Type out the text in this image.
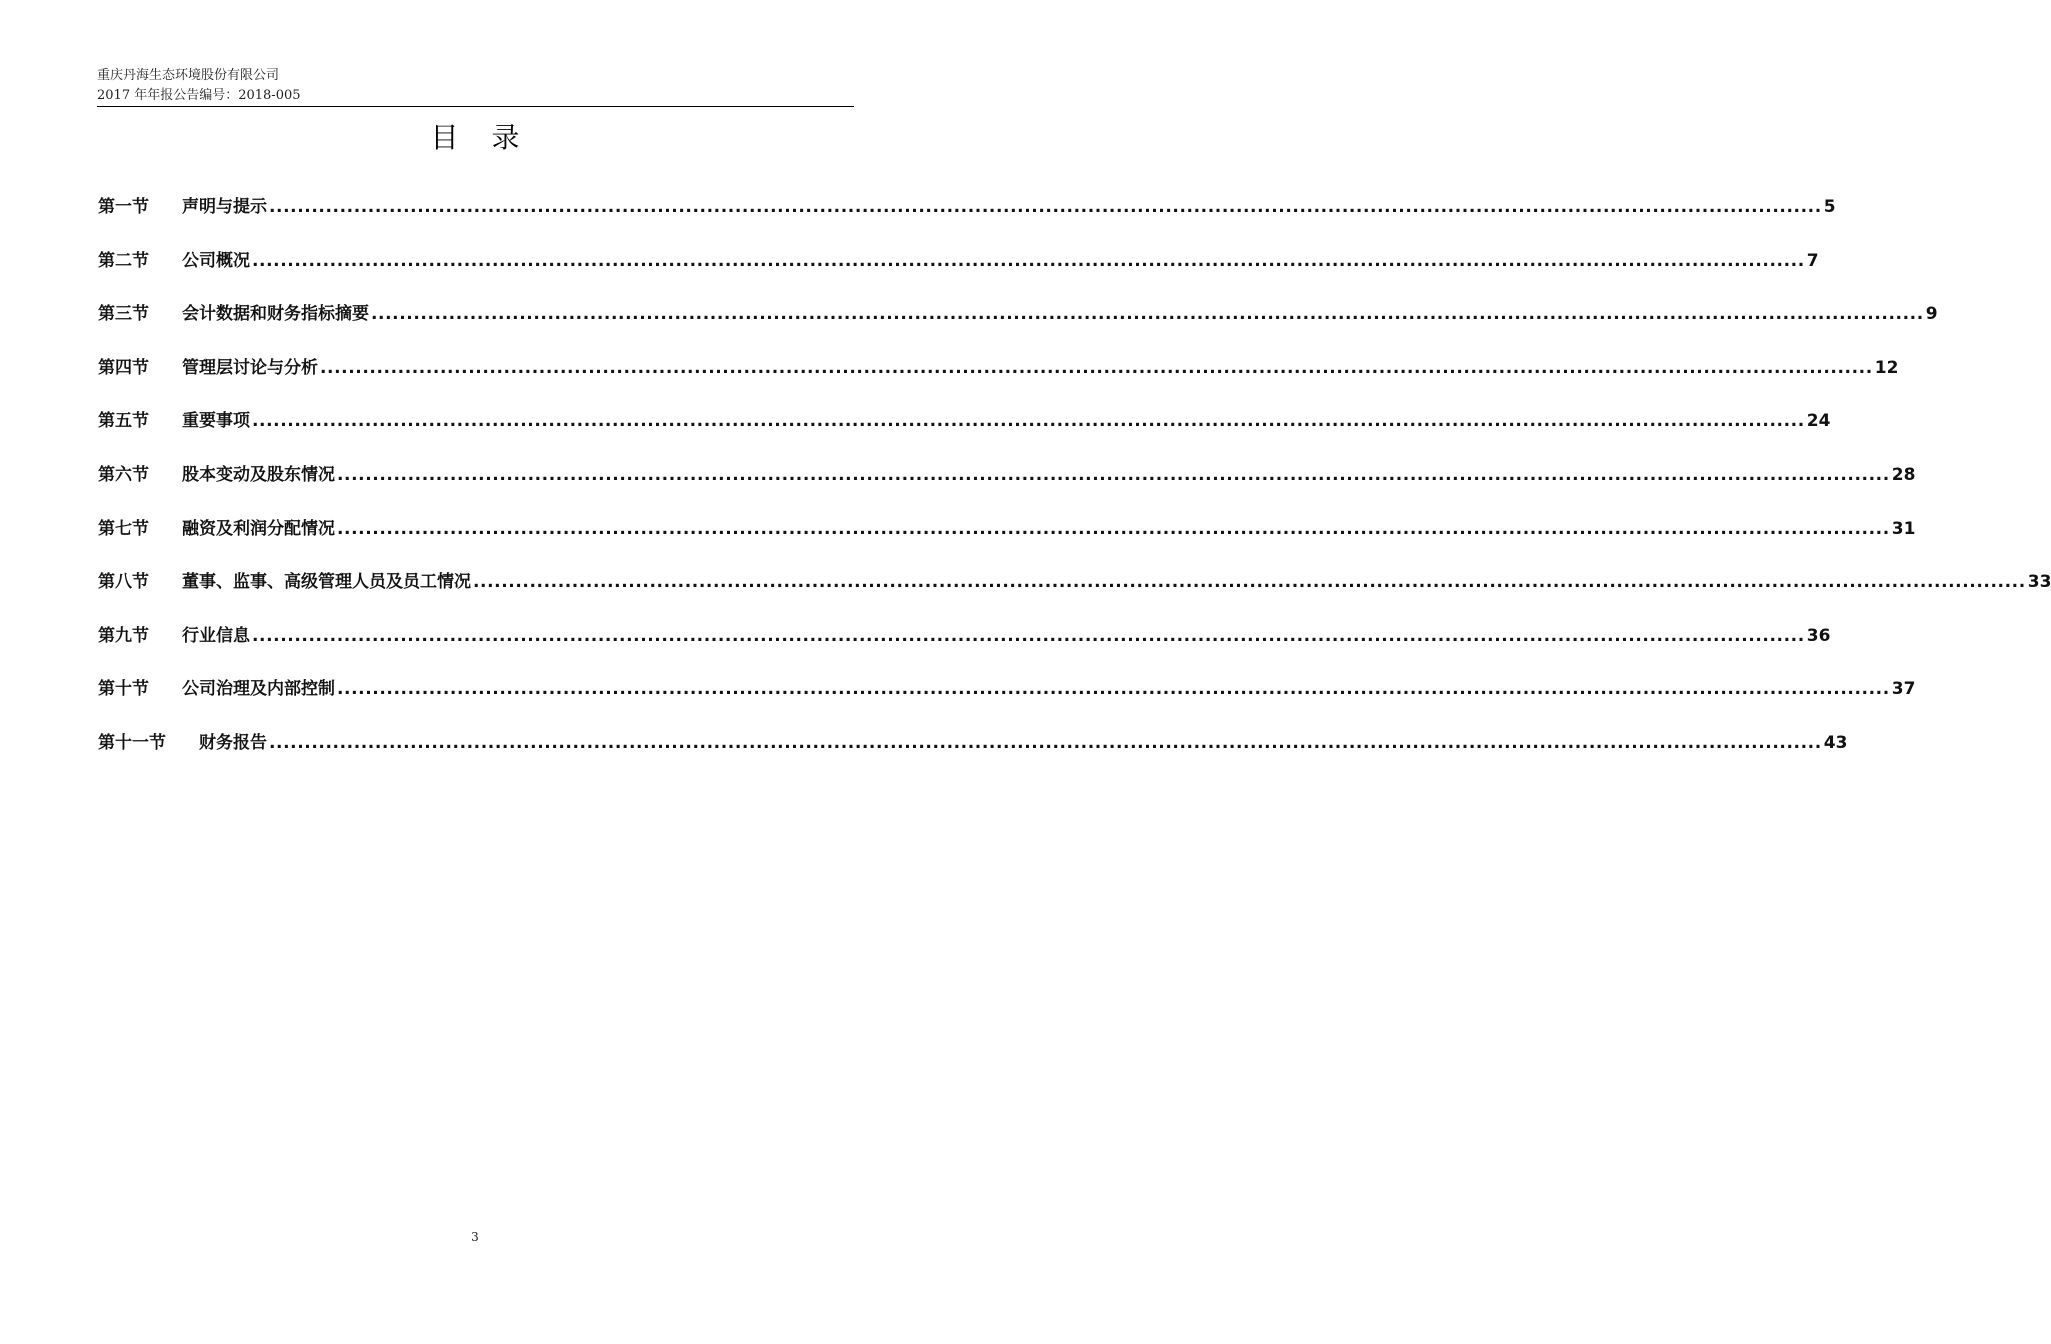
重庆丹海生态环境股份有限公司
2017 年年报公告编号：2018-005
目 录
第一节	声明与提示 ............................................................................................................................................................................................................................ 5
第二节	公司概况 ............................................................................................................................................................................................................................ 7
第三节	会计数据和财务指标摘要 ............................................................................................................................................................................................................................ 9
第四节	管理层讨论与分析 ............................................................................................................................................................................................................................ 12
第五节	重要事项 ............................................................................................................................................................................................................................ 24
第六节	股本变动及股东情况 ............................................................................................................................................................................................................................ 28
第七节	融资及利润分配情况 ............................................................................................................................................................................................................................ 31
第八节	董事、监事、高级管理人员及员工情况 ............................................................................................................................................................................................................................ 33
第九节	行业信息 ............................................................................................................................................................................................................................ 36
第十节	公司治理及内部控制 ............................................................................................................................................................................................................................ 37
第十一节	财务报告 ............................................................................................................................................................................................................................ 43
3
